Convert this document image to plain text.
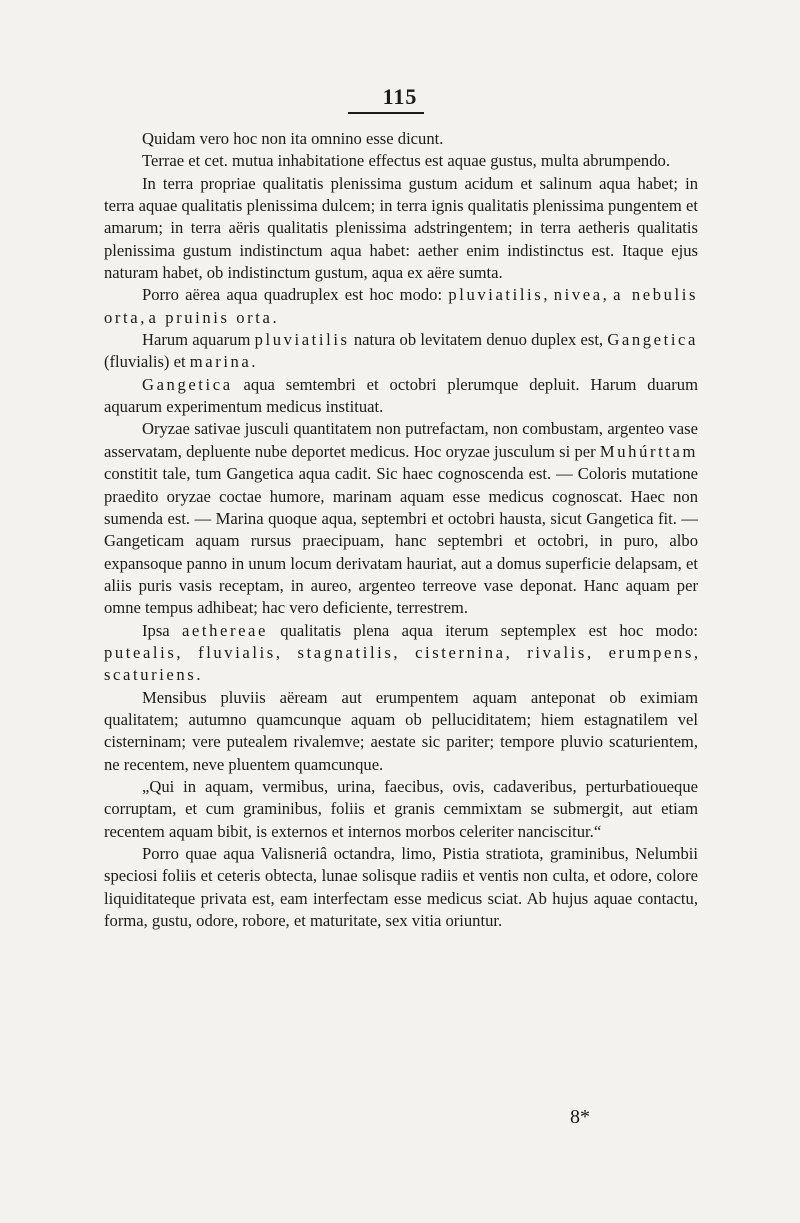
115

Quidam vero hoc non ita omnino esse dicunt.

Terrae et cet. mutua inhabitatione effectus est aquae gustus, multa abrumpendo.

In terra propriae qualitatis plenissima gustum acidum et salinum aqua habet; in terra aquae qualitatis plenissima dulcem; in terra ignis qualitatis plenissima pungentem et amarum; in terra aëris qualitatis plenissima adstringentem; in terra aetheris qualitatis plenissima gustum indistinctum aqua habet: aether enim indistinctus est. Itaque ejus naturam habet, ob indistinctum gustum, aqua ex aëre sumta.

Porro aërea aqua quadruplex est hoc modo: pluviatilis, nivea, a nebulis orta, a pruinis orta.

Harum aquarum pluviatilis natura ob levitatem denuo duplex est, Gangetica (fluvialis) et marina.

Gangetica aqua semtembri et octobri plerumque depluit. Harum duarum aquarum experimentum medicus instituat.

Oryzae sativae jusculi quantitatem non putrefactam, non combustam, argenteo vase asservatam, depluente nube deportet medicus. Hoc oryzae jusculum si per Muhúrttam constitit tale, tum Gangetica aqua cadit. Sic haec cognoscenda est. — Coloris mutatione praedito oryzae coctae humore, marinam aquam esse medicus cognoscat. Haec non sumenda est. — Marina quoque aqua, septembri et octobri hausta, sicut Gangetica fit. — Gangeticam aquam rursus praecipuam, hanc septembri et octobri, in puro, albo expansoque panno in unum locum derivatam hauriat, aut a domus superficie delapsam, et aliis puris vasis receptam, in aureo, argenteo terreove vase deponat. Hanc aquam per omne tempus adhibeat; hac vero deficiente, terrestrem.

Ipsa aethereae qualitatis plena aqua iterum septemplex est hoc modo: putealis, fluvialis, stagnatilis, cisternina, rivalis, erumpens, scaturiens.

Mensibus pluviis aëream aut erumpentem aquam anteponat ob eximiam qualitatem; autumno quamcunque aquam ob pelluciditatem; hiem estagnatilem vel cisterninam; vere putealem rivalemve; aestate sic pariter; tempore pluvio scaturientem, ne recentem, neve pluentem quamcunque.

„Qui in aquam, vermibus, urina, faecibus, ovis, cadaveribus, perturbatioueque corruptam, et cum graminibus, foliis et granis cemmixtam se submergit, aut etiam recentem aquam bibit, is externos et internos morbos celeriter nanciscitur.“

Porro quae aqua Valisneriâ octandra, limo, Pistia stratiota, graminibus, Nelumbii speciosi foliis et ceteris obtecta, lunae solisque radiis et ventis non culta, et odore, colore liquiditateque privata est, eam interfectam esse medicus sciat. Ab hujus aquae contactu, forma, gustu, odore, robore, et maturitate, sex vitia oriuntur.

8*
